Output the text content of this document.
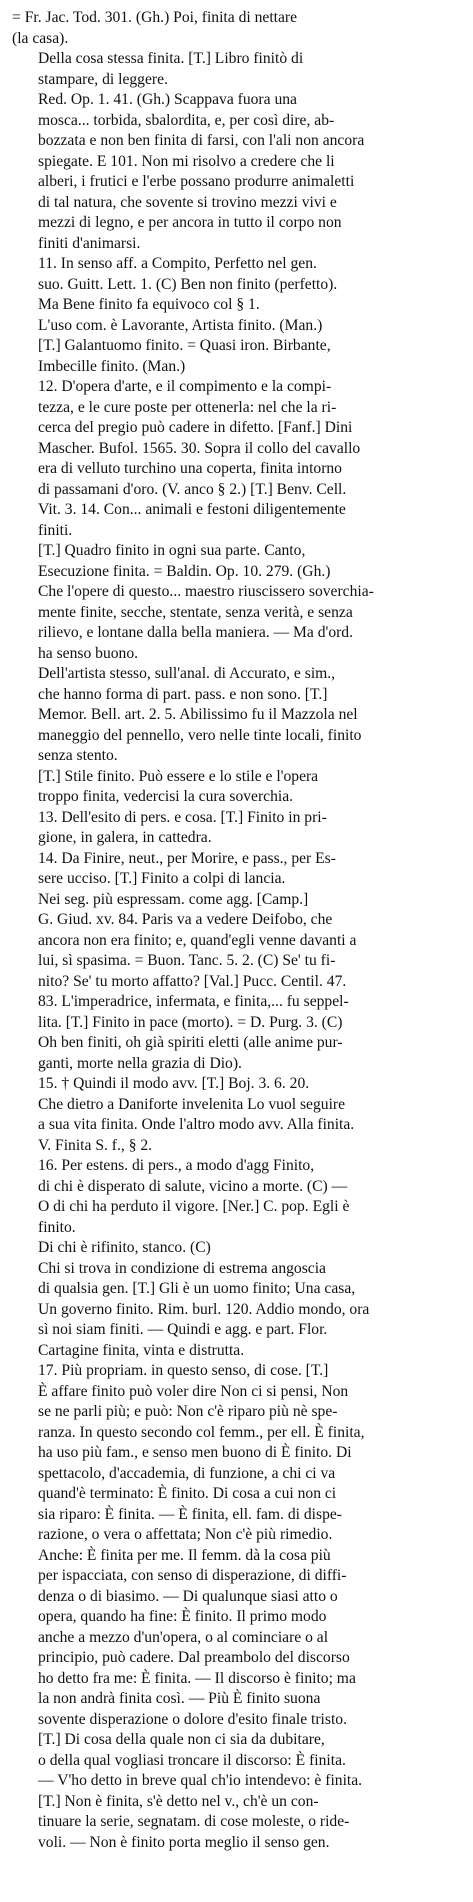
= Fr. Jac. Tod. 301. (Gh.) Poi, finita di nettare
(la casa).
Della cosa stessa finita. [T.] Libro finitò di
stampare, di leggere.
Red. Op. 1. 41. (Gh.) Scappava fuora una
mosca... torbida, sbalordita, e, per così dire, ab-
bozzata e non ben finita di farsi, con l'ali non ancora
spiegate. E 101. Non mi risolvo a credere che li
alberi, i frutici e l'erbe possano produrre animaletti
di tal natura, che sovente si trovino mezzi vivi e
mezzi di legno, e per ancora in tutto il corpo non
finiti d'animarsi.
11. In senso aff. a Compito, Perfetto nel gen.
suo. Guitt. Lett. 1. (C) Ben non finito (perfetto).
Ma Bene finito fa equivoco col § 1.
L'uso com. è Lavorante, Artista finito. (Man.)
[T.] Galantuomo finito. = Quasi iron. Birbante,
Imbecille finito. (Man.)
12. D'opera d'arte, e il compimento e la compi-
tezza, e le cure poste per ottenerla: nel che la ri-
cerca del pregio può cadere in difetto. [Fanf.] Dini
Mascher. Bufol. 1565. 30. Sopra il collo del cavallo
era di velluto turchino una coperta, finita intorno
di passamani d'oro. (V. anco § 2.) [T.] Benv. Cell.
Vit. 3. 14. Con... animali e festoni diligentemente
finiti.
[T.] Quadro finito in ogni sua parte. Canto,
Esecuzione finita. = Baldin. Op. 10. 279. (Gh.)
Che l'opere di questo... maestro riuscissero soverchia-
mente finite, secche, stentate, senza verità, e senza
rilievo, e lontane dalla bella maniera. — Ma d'ord.
ha senso buono.
Dell'artista stesso, sull'anal. di Accurato, e sim.,
che hanno forma di part. pass. e non sono. [T.]
Memor. Bell. art. 2. 5. Abilissimo fu il Mazzola nel
maneggio del pennello, vero nelle tinte locali, finito
senza stento.
[T.] Stile finito. Può essere e lo stile e l'opera
troppo finita, vedercisi la cura soverchia.
13. Dell'esito di pers. e cosa. [T.] Finito in pri-
gione, in galera, in cattedra.
14. Da Finire, neut., per Morire, e pass., per Es-
sere ucciso. [T.] Finito a colpi di lancia.
Nei seg. più espressam. come agg. [Camp.]
G. Giud. xv. 84. Paris va a vedere Deifobo, che
ancora non era finito; e, quand'egli venne davanti a
lui, sì spasima. = Buon. Tanc. 5. 2. (C) Se' tu fi-
nito? Se' tu morto affatto? [Val.] Pucc. Centil. 47.
83. L'imperadrice, infermata, e finita,... fu seppel-
lita. [T.] Finito in pace (morto). = D. Purg. 3. (C)
Oh ben finiti, oh già spiriti eletti (alle anime pur-
ganti, morte nella grazia di Dio).
15. † Quindi il modo avv. [T.] Boj. 3. 6. 20.
Che dietro a Daniforte invelenita Lo vuol seguire
a sua vita finita. Onde l'altro modo avv. Alla finita.
V. Finita S. f., § 2.
16. Per estens. di pers., a modo d'agg Finito,
di chi è disperato di salute, vicino a morte. (C) —
O di chi ha perduto il vigore. [Ner.] C. pop. Egli è
finito.
Di chi è rifinito, stanco. (C)
Chi si trova in condizione di estrema angoscia
di qualsia gen. [T.] Gli è un uomo finito; Una casa,
Un governo finito. Rim. burl. 120. Addio mondo, ora
sì noi siam finiti. — Quindi e agg. e part. Flor.
Cartagine finita, vinta e distrutta.
17. Più propriam. in questo senso, di cose. [T.]
È affare finito può voler dire Non ci si pensi, Non
se ne parli più; e può: Non c'è riparo più nè spe-
ranza. In questo secondo col femm., per ell. È finita,
ha uso più fam., e senso men buono di È finito. Di
spettacolo, d'accademia, di funzione, a chi ci va
quand'è terminato: È finito. Di cosa a cui non ci
sia riparo: È finita. — È finita, ell. fam. di dispe-
razione, o vera o affettata; Non c'è più rimedio.
Anche: È finita per me. Il femm. dà la cosa più
per ispacciata, con senso di disperazione, di diffi-
denza o di biasimo. — Di qualunque siasi atto o
opera, quando ha fine: È finito. Il primo modo
anche a mezzo d'un'opera, o al cominciare o al
principio, può cadere. Dal preambolo del discorso
ho detto fra me: È finita. — Il discorso è finito; ma
la non andrà finita così. — Più È finito suona
sovente disperazione o dolore d'esito finale tristo.
[T.] Di cosa della quale non ci sia da dubitare,
o della qual vogliasi troncare il discorso: È finita.
— V'ho detto in breve qual ch'io intendevo: è finita.
[T.] Non è finita, s'è detto nel v., ch'è un con-
tinuare la serie, segnatam. di cose moleste, o ride-
voli. — Non è finito porta meglio il senso gen.
